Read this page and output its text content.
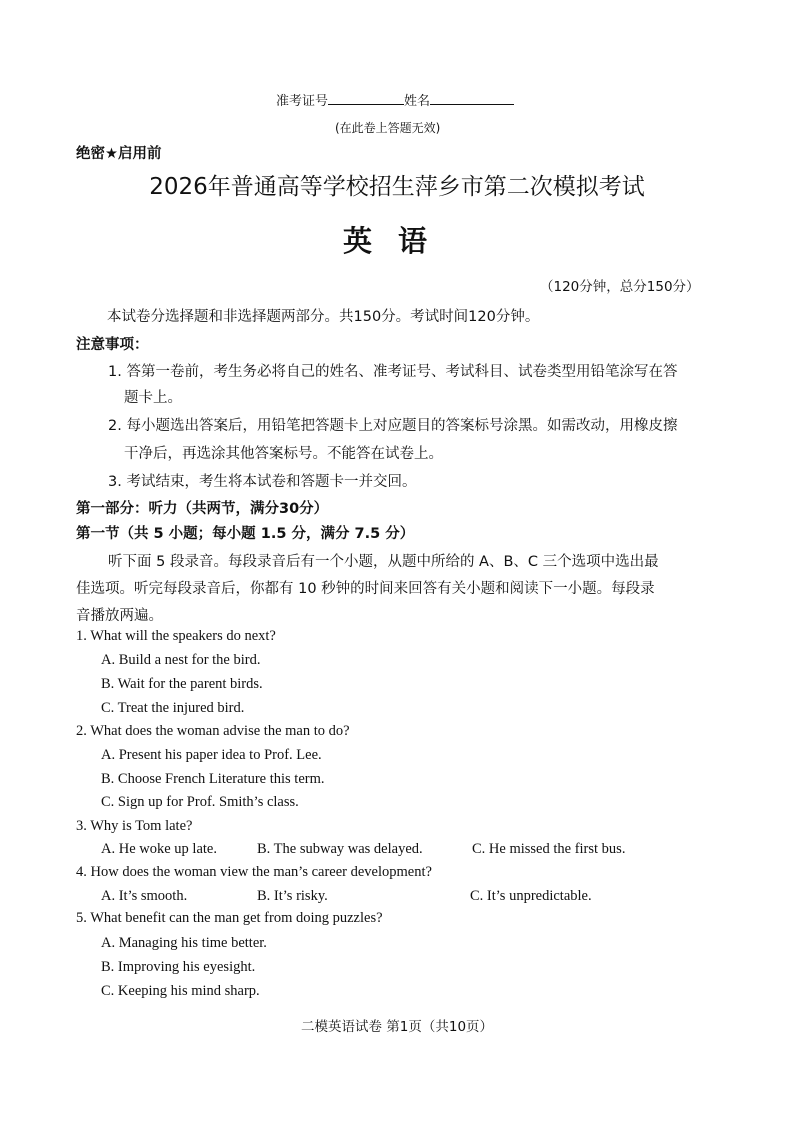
准考证号	姓名
(在此卷上答题无效)
绝密★启用前
2026年普通高等学校招生萍乡市第二次模拟考试
英 语
（120分钟，总分150分）
本试卷分选择题和非选择题两部分。共150分。考试时间120分钟。
注意事项：
1. 答第一卷前，考生务必将自己的姓名、准考证号、考试科目、试卷类型用铅笔涂写在答
题卡上。
2. 每小题选出答案后，用铅笔把答题卡上对应题目的答案标号涂黑。如需改动，用橡皮擦
干净后，再选涂其他答案标号。不能答在试卷上。
3. 考试结束，考生将本试卷和答题卡一并交回。
第一部分：听力（共两节，满分30分）
第一节（共 5 小题；每小题 1.5 分，满分 7.5 分）
听下面 5 段录音。每段录音后有一个小题，从题中所给的 A、B、C 三个选项中选出最
佳选项。听完每段录音后，你都有 10 秒钟的时间来回答有关小题和阅读下一小题。每段录
音播放两遍。
1. What will the speakers do next?
A. Build a nest for the bird.
B. Wait for the parent birds.
C. Treat the injured bird.
2. What does the woman advise the man to do?
A. Present his paper idea to Prof. Lee.
B. Choose French Literature this term.
C. Sign up for Prof. Smith’s class.
3. Why is Tom late?
A. He woke up late.	B. The subway was delayed.	C. He missed the first bus.
4. How does the woman view the man’s career development?
A. It’s smooth.	B. It’s risky.	C. It’s unpredictable.
5. What benefit can the man get from doing puzzles?
A. Managing his time better.
B. Improving his eyesight.
C. Keeping his mind sharp.
二模英语试卷 第1页（共10页）
